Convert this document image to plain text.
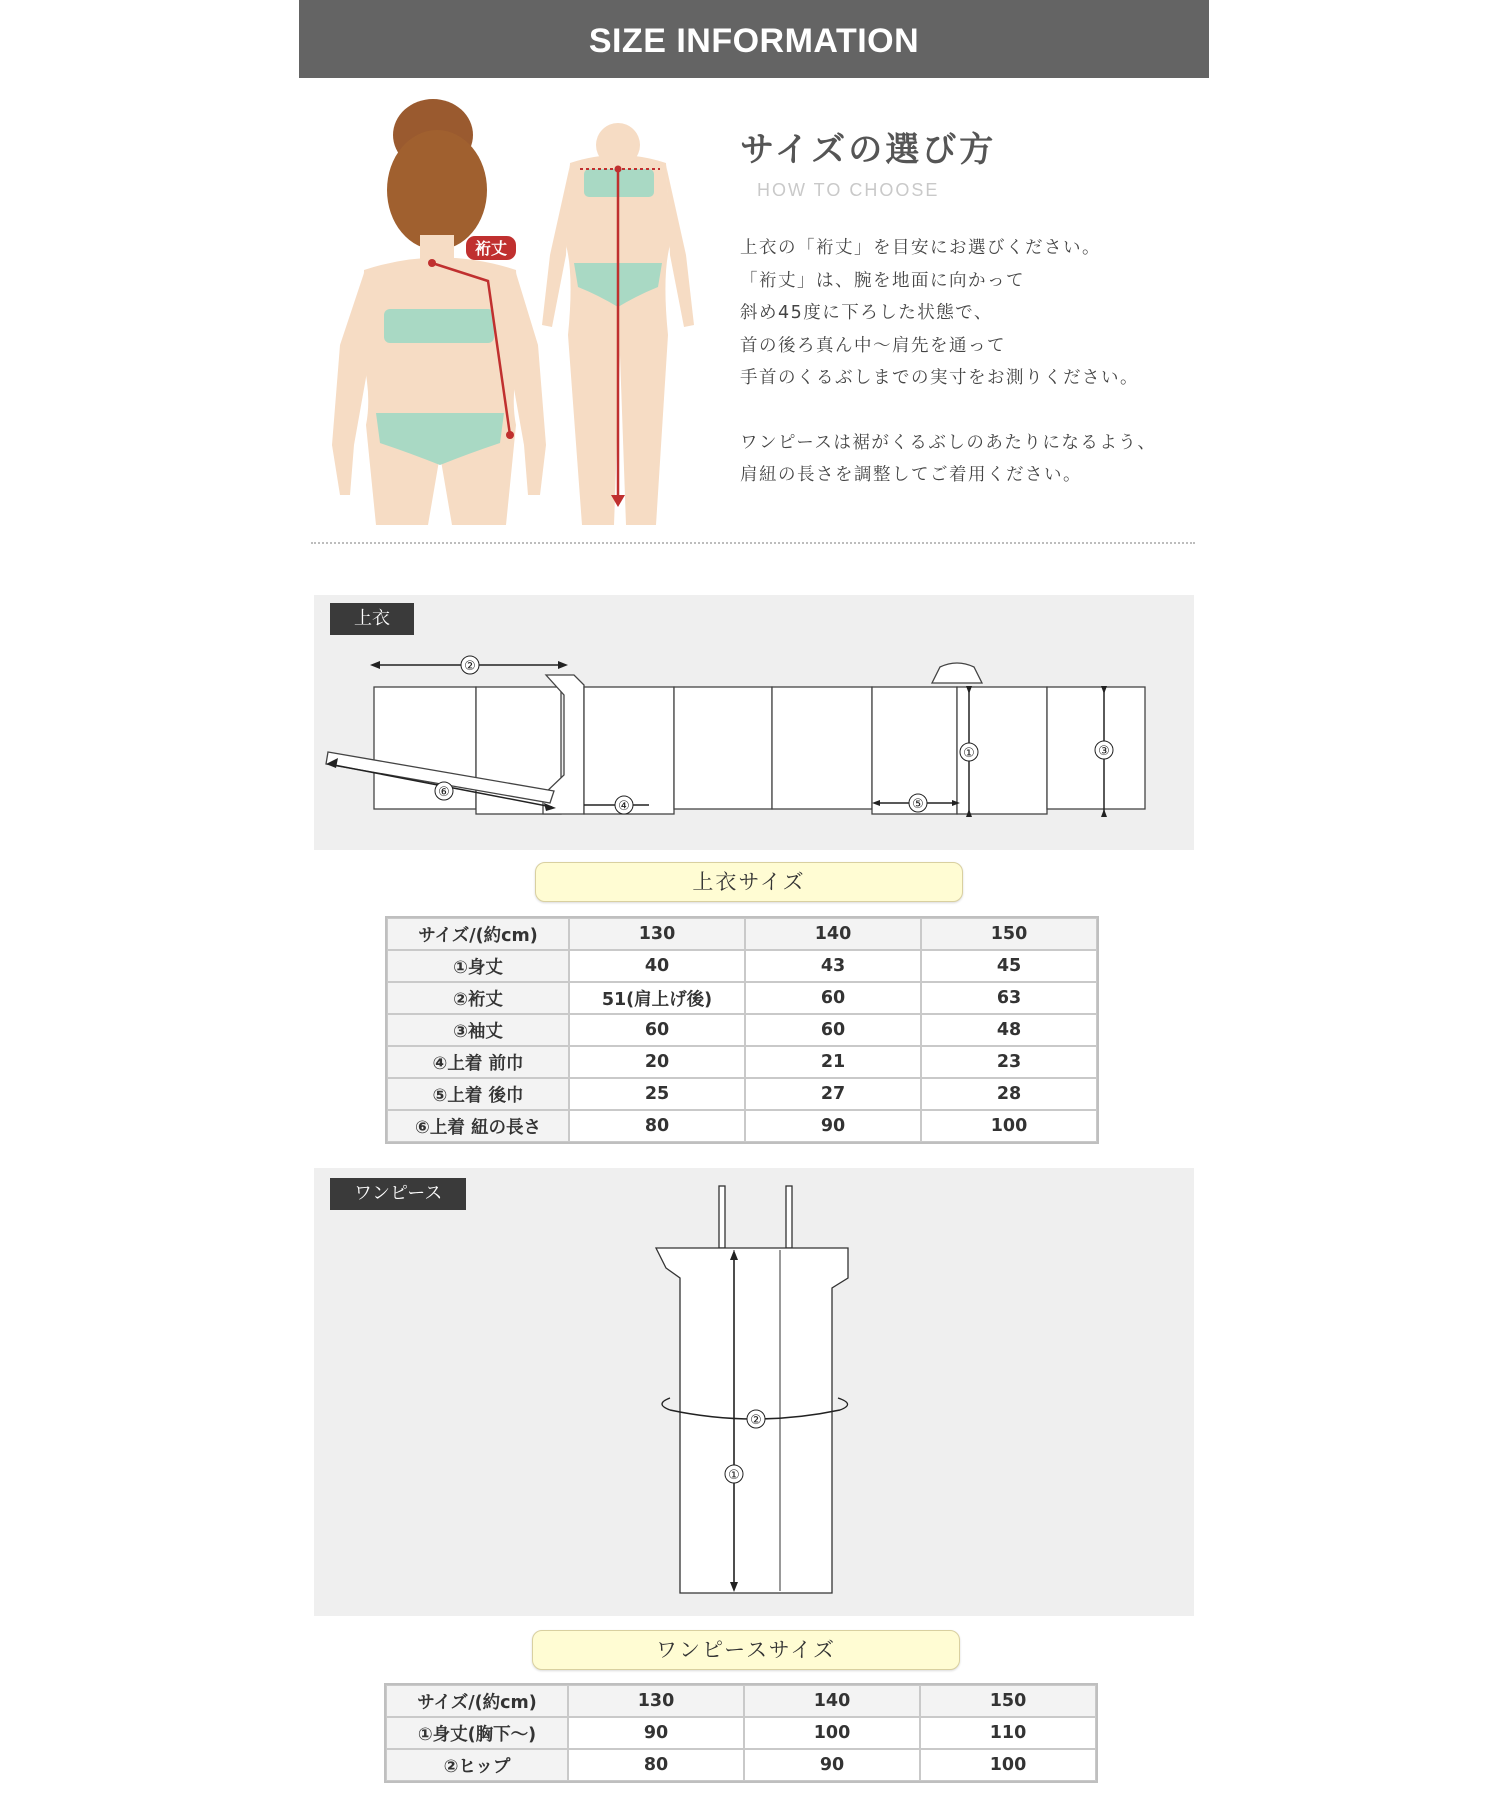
SIZE INFORMATION
裄丈
サイズの選び方
HOW TO CHOOSE

上衣の「裄丈」を目安にお選びください。

「裄丈」は、腕を地面に向かって

斜め45度に下ろした状態で、

首の後ろ真ん中〜肩先を通って

手首のくるぶしまでの実寸をお測りください。

ワンピースは裾がくるぶしのあたりになるよう、

肩紐の長さを調整してご着用ください。

上衣
②
⑥
④	⑤
①	③
上衣サイズ
サイズ/(約cm)	130	140	150
①身丈	40	43	45
②裄丈	51(肩上げ後)	60	63
③袖丈	60	60	48
④上着 前巾	20	21	23
⑤上着 後巾	25	27	28
⑥上着 紐の長さ	80	90	100
ワンピース
②
①
ワンピースサイズ
サイズ/(約cm)	130	140	150
①身丈(胸下〜)	90	100	110
②ヒップ	80	90	100
